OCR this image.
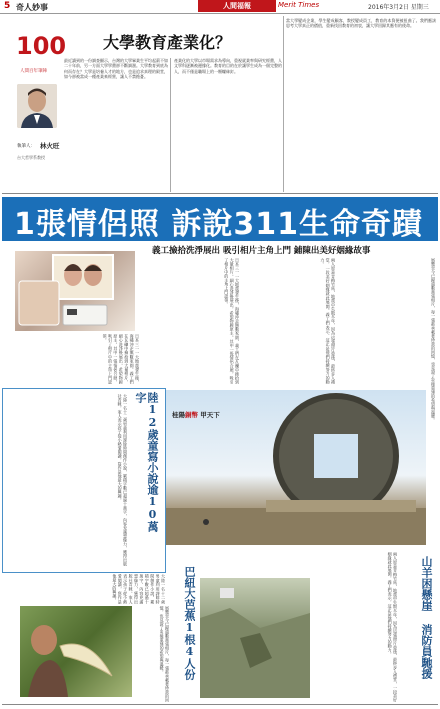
5 奇人妙事	人間福報	Merit Times	2016年3月2日 星期三
100
人間百年筆陣
大學教育產業化？
執筆人： 林火旺
台大哲學系教授
最近讀到的一份調查顯示，台灣的大學畢業生平均起薪不如二十年前，另一方面大學學費卻不斷調漲。大學教育到底為何而存在？大學是培養人才的地方，也是追求真理的殿堂，如今卻被當成一種產業來經營，讓人不禁擔憂。
產業化的大學以市場需求為導向，重視就業率與研究經費，人文學科逐漸被邊緣化。教育的目的在於讓學生成為一個完整的人，而不僅是職場上的一顆螺絲釘。
當大學變成企業，學生變成顧客，教授變成員工，教育的本質便被扭曲了。我們應該思考大學真正的價值，重新找回教育的初衷，讓大學回歸其應有的使命。
1張情侶照 訴說311生命奇蹟
義工撿拾洗淨展出 吸引相片主角上門 鋪陳出美好姻緣故事
日本三一一大地震發生後，海嘯沖走無數家園，義工們在瓦礫中撿拾到大量相片，細心洗淨後展出，希望物歸原主。其中一張情侶合照，吸引了相片中的主角上門認領。	兩人原是青梅竹馬，地震中失散多年，因為這張照片重逢，最終步入禮堂，一段美好姻緣就此展開。義工們表示，這正是他們持續努力的動力。	展覽至今已歸還數萬張相片，每一張都承載著珍貴的回憶，也見證了災後重建的希望與溫暖。
日本三一一大地震發生後，海嘯沖走無數家園，義工們在瓦礫中撿拾到大量相片，細心洗淨後展出，希望物歸原主。其中一張情侶合照，吸引了相片中的主角上門認領。
陸12歲童寫小說逾10萬字
大陸一名十二歲男童利用課餘時間創作小說，累積字數已超過十萬字，內容充滿想像力，獲得出版社青睞，家人表示孩子從小熱愛閱讀，寫作是他最大的興趣。	桂陽銅幣 甲天下
大陸一名十二歲男童利用課餘時間創作小說，累積字數已超過十萬字，內容充滿想像力，獲得出版社青睞，家人表示孩子從小熱愛閱讀，寫作是他最大的興趣。
展覽至今已歸還數萬張相片，每一張都承載著珍貴的回憶，也見證了災後重建的希望與溫暖。	兩人原是青梅竹馬，地震中失散多年，因為這張照片重逢，最終步入禮堂，一段美好姻緣就此展開。義工們表示，這正是他們持續努力的動力。
巴紐大芭蕉1根4人份	山羊困懸崖 消防員馳援
